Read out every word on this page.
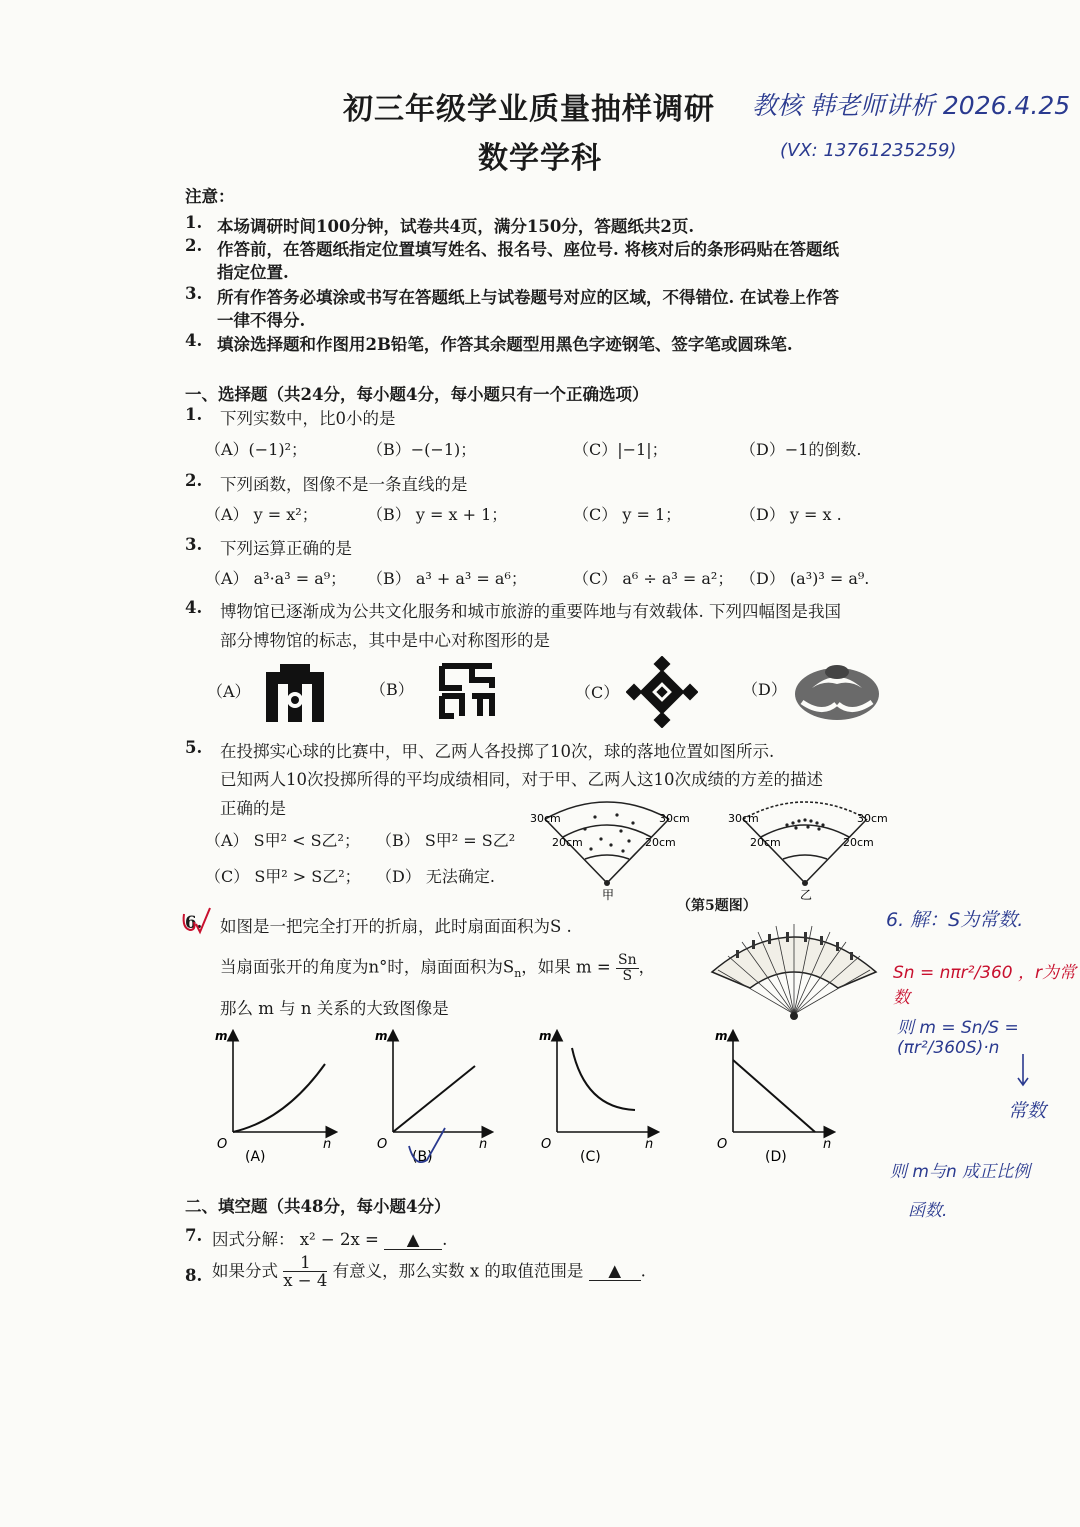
初三年级学业质量抽样调研
数学学科
教核 韩老师讲析 2026.4.25
(VX: 13761235259)
注意：
1. 本场调研时间100分钟，试卷共4页，满分150分，答题纸共2页.
2. 作答前，在答题纸指定位置填写姓名、报名号、座位号. 将核对后的条形码贴在答题纸
指定位置.
3. 所有作答务必填涂或书写在答题纸上与试卷题号对应的区域，不得错位. 在试卷上作答
一律不得分.
4. 填涂选择题和作图用2B铅笔，作答其余题型用黑色字迹钢笔、签字笔或圆珠笔.
一、选择题（共24分，每小题4分，每小题只有一个正确选项）
1. 下列实数中，比0小的是
（A）(−1)²；	（B）−(−1)；	（C）|−1|；	（D）−1的倒数.
2. 下列函数，图像不是一条直线的是
（A） y = x²；	（B） y = x + 1；	（C） y = 1；	（D） y = x .
3. 下列运算正确的是
（A） a³·a³ = a⁹； （B） a³ + a³ = a⁶；	（C） a⁶ ÷ a³ = a²； （D） (a³)³ = a⁹.
4. 博物馆已逐渐成为公共文化服务和城市旅游的重要阵地与有效载体. 下列四幅图是我国
部分博物馆的标志，其中是中心对称图形的是
（A）	（B）	（C）	（D）
5. 在投掷实心球的比赛中，甲、乙两人各投掷了10次，球的落地位置如图所示.
已知两人10次投掷所得的平均成绩相同，对于甲、乙两人这10次成绩的方差的描述
正确的是
（A） S甲² < S乙²； （B） S甲² = S乙²
（C） S甲² > S乙²； （D） 无法确定.
30cm	30cm
20cm	20cm
甲
30cm	30cm
20cm	20cm
乙
（第5题图）
6. 如图是一把完全打开的折扇，此时扇面面积为S .
当扇面张开的角度为n°时，扇面面积为$S_n$，如果 $m = \frac{Sn}{S}$ ，
那么 m 与 n 关系的大致图像是
m
O	n
(A)
m
O	n
(B)
m
O	n
(C)
m
O	n
(D)
6. 解：S为常数.
Sn = nπr²/360 ，r为常数
则 m = Sn/S = (πr²/360S)·n
常数
则 m与n 成正比例
函数.
二、填空题（共48分，每小题4分）
7. 因式分解： x² − 2x = ▲ .
8. 如果分式 $\frac{1}{x - 4}$ 有意义，那么实数 x 的取值范围是 ▲ .
